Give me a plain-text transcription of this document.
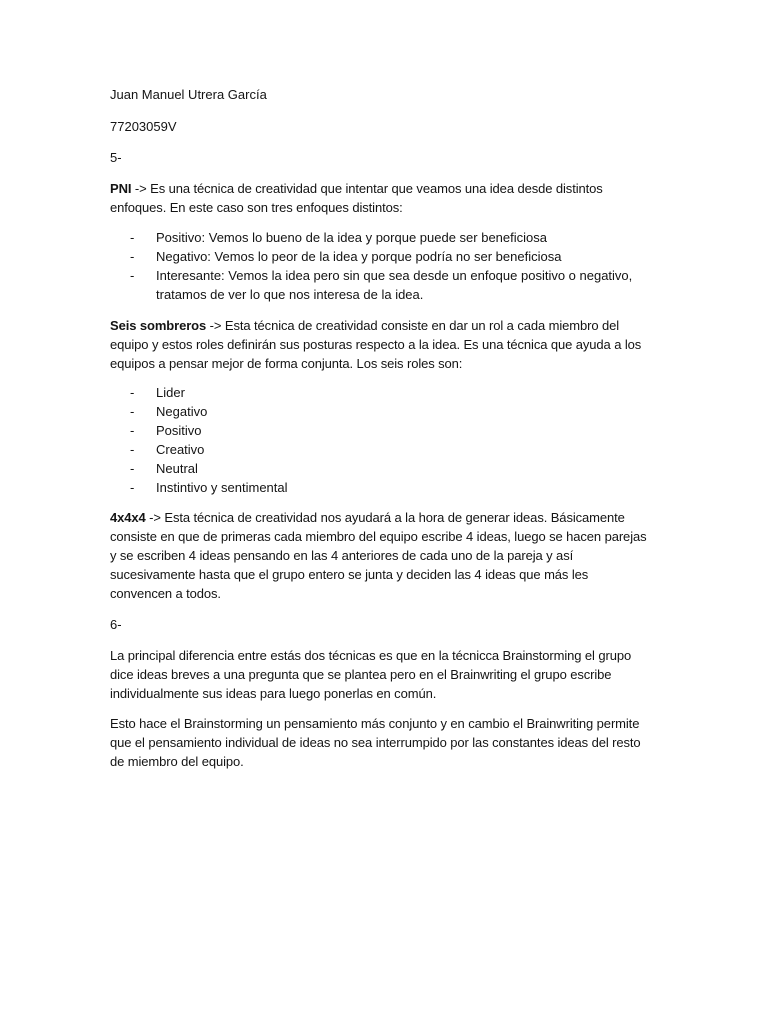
Juan Manuel Utrera García

77203059V

5-

PNI -> Es una técnica de creatividad que intentar que veamos una idea desde distintos enfoques. En este caso son tres enfoques distintos:

- Positivo: Vemos lo bueno de la idea y porque puede ser beneficiosa
- Negativo: Vemos lo peor de la idea y porque podría no ser beneficiosa
- Interesante: Vemos la idea pero sin que sea desde un enfoque positivo o negativo, tratamos de ver lo que nos interesa de la idea.

Seis sombreros -> Esta técnica de creatividad consiste en dar un rol a cada miembro del equipo y estos roles definirán sus posturas respecto a la idea. Es una técnica que ayuda a los equipos a pensar mejor de forma conjunta. Los seis roles son:

- Lider
- Negativo
- Positivo
- Creativo
- Neutral
- Instintivo y sentimental

4x4x4 -> Esta técnica de creatividad nos ayudará a la hora de generar ideas. Básicamente consiste en que de primeras cada miembro del equipo escribe 4 ideas, luego se hacen parejas y se escriben 4 ideas pensando en las 4 anteriores de cada uno de la pareja y así sucesivamente hasta que el grupo entero se junta y deciden las 4 ideas que más les convencen a todos.

6-

La principal diferencia entre estás dos técnicas es que en la técnicca Brainstorming el grupo dice ideas breves a una pregunta que se plantea pero en el Brainwriting el grupo escribe individualmente sus ideas para luego ponerlas en común.

Esto hace el Brainstorming un pensamiento más conjunto y en cambio el Brainwriting permite que el pensamiento individual de ideas no sea interrumpido por las constantes ideas del resto de miembro del equipo.
